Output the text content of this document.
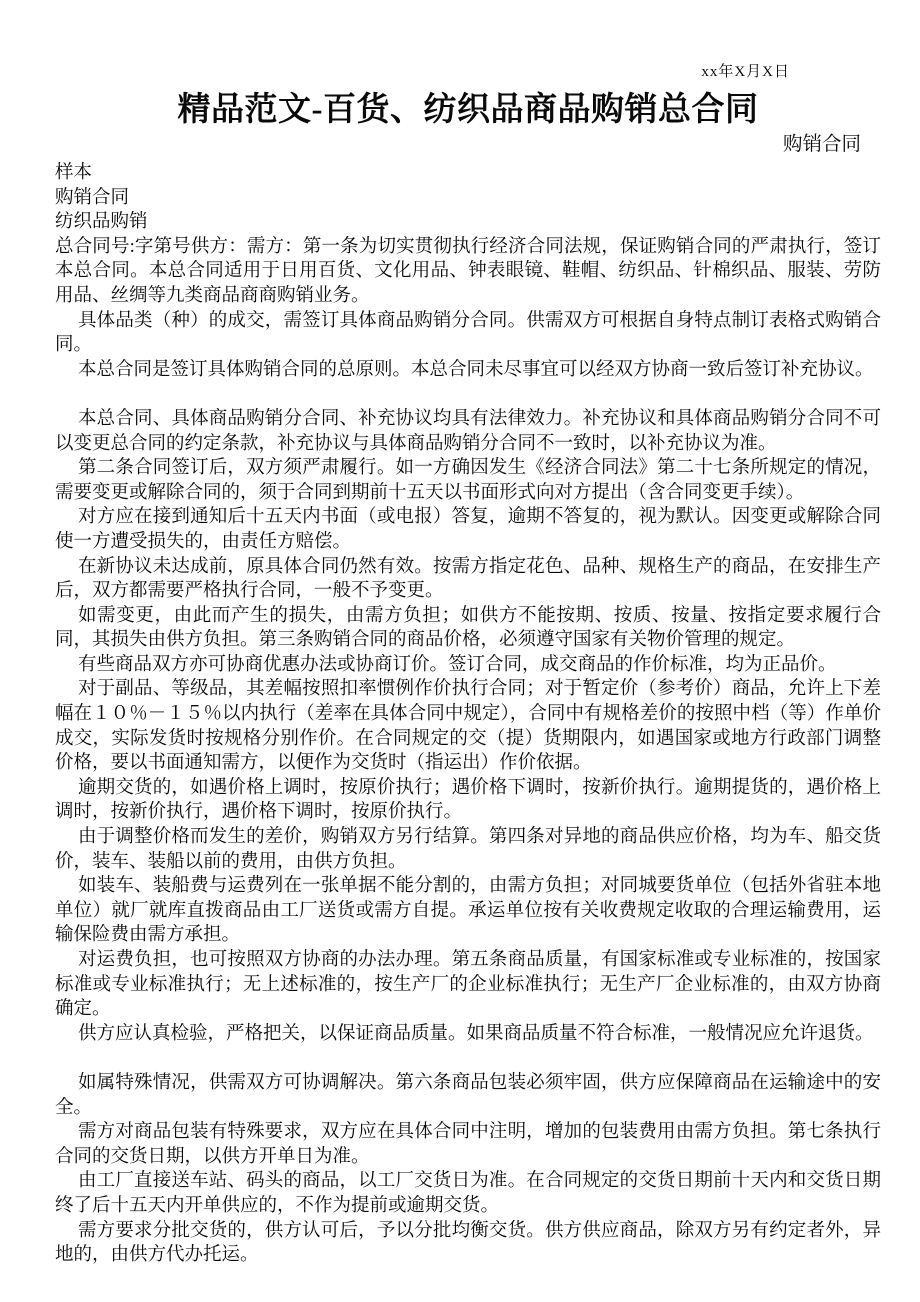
xx年X月X日
精品范文-百货、纺织品商品购销总合同
购销合同

样本

购销合同

纺织品购销

总合同号:字第号供方：需方：第一条为切实贯彻执行经济合同法规，保证购销合同的严肃执行，签订本总合同。本总合同适用于日用百货、文化用品、钟表眼镜、鞋帽、纺织品、针棉织品、服装、劳防用品、丝绸等九类商品商商购销业务。

具体品类（种）的成交，需签订具体商品购销分合同。供需双方可根据自身特点制订表格式购销合同。

本总合同是签订具体购销合同的总原则。本总合同未尽事宜可以经双方协商一致后签订补充协议。

本总合同、具体商品购销分合同、补充协议均具有法律效力。补充协议和具体商品购销分合同不可以变更总合同的约定条款，补充协议与具体商品购销分合同不一致时，以补充协议为准。

第二条合同签订后，双方须严肃履行。如一方确因发生《经济合同法》第二十七条所规定的情况，需要变更或解除合同的，须于合同到期前十五天以书面形式向对方提出（含合同变更手续）。

对方应在接到通知后十五天内书面（或电报）答复，逾期不答复的，视为默认。因变更或解除合同使一方遭受损失的，由责任方赔偿。

在新协议未达成前，原具体合同仍然有效。按需方指定花色、品种、规格生产的商品，在安排生产后，双方都需要严格执行合同，一般不予变更。

如需变更，由此而产生的损失，由需方负担；如供方不能按期、按质、按量、按指定要求履行合同，其损失由供方负担。第三条购销合同的商品价格，必须遵守国家有关物价管理的规定。

有些商品双方亦可协商优惠办法或协商订价。签订合同，成交商品的作价标准，均为正品价。

对于副品、等级品，其差幅按照扣率惯例作价执行合同；对于暂定价（参考价）商品，允许上下差幅在１０％－１５％以内执行（差率在具体合同中规定），合同中有规格差价的按照中档（等）作单价成交，实际发货时按规格分别作价。在合同规定的交（提）货期限内，如遇国家或地方行政部门调整价格，要以书面通知需方，以便作为交货时（指运出）作价依据。

逾期交货的，如遇价格上调时，按原价执行；遇价格下调时，按新价执行。逾期提货的，遇价格上调时，按新价执行，遇价格下调时，按原价执行。

由于调整价格而发生的差价，购销双方另行结算。第四条对异地的商品供应价格，均为车、船交货价，装车、装船以前的费用，由供方负担。

如装车、装船费与运费列在一张单据不能分割的，由需方负担；对同城要货单位（包括外省驻本地单位）就厂就库直拨商品由工厂送货或需方自提。承运单位按有关收费规定收取的合理运输费用，运输保险费由需方承担。

对运费负担，也可按照双方协商的办法办理。第五条商品质量，有国家标准或专业标准的，按国家标准或专业标准执行；无上述标准的，按生产厂的企业标准执行；无生产厂企业标准的，由双方协商确定。

供方应认真检验，严格把关，以保证商品质量。如果商品质量不符合标准，一般情况应允许退货。

如属特殊情况，供需双方可协调解决。第六条商品包装必须牢固，供方应保障商品在运输途中的安全。

需方对商品包装有特殊要求，双方应在具体合同中注明，增加的包装费用由需方负担。第七条执行合同的交货日期，以供方开单日为准。

由工厂直接送车站、码头的商品，以工厂交货日为准。在合同规定的交货日期前十天内和交货日期终了后十五天内开单供应的，不作为提前或逾期交货。

需方要求分批交货的，供方认可后，予以分批均衡交货。供方供应商品，除双方另有约定者外，异地的，由供方代办托运。
